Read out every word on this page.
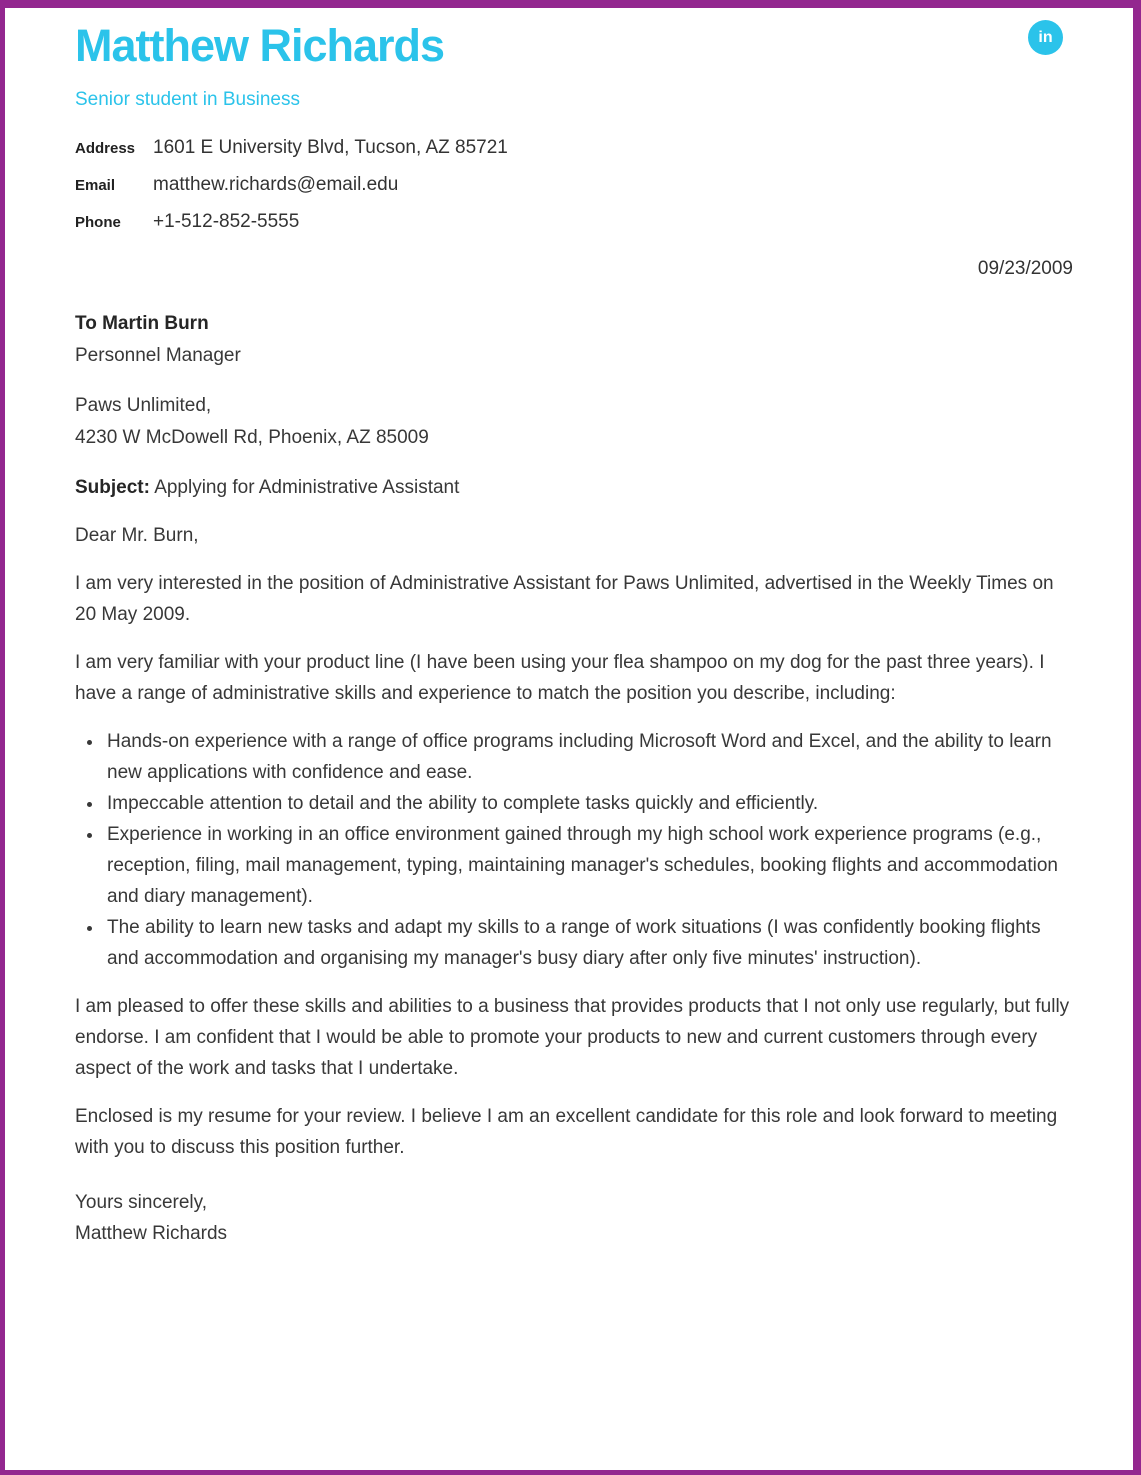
in
Matthew Richards
Senior student in Business
Address 1601 E University Blvd, Tucson, AZ 85721
Email	matthew.richards@email.edu
Phone	+1-512-852-5555
09/23/2009
To Martin Burn
Personnel Manager
Paws Unlimited,
4230 W McDowell Rd, Phoenix, AZ 85009
Subject: Applying for Administrative Assistant

Dear Mr. Burn,

I am very interested in the position of Administrative Assistant for Paws Unlimited, advertised in the Weekly Times on 20 May 2009.

I am very familiar with your product line (I have been using your flea shampoo on my dog for the past three years). I have a range of administrative skills and experience to match the position you describe, including:

• Hands-on experience with a range of office programs including Microsoft Word and Excel, and the ability to learn new applications with confidence and ease.
• Impeccable attention to detail and the ability to complete tasks quickly and efficiently.
• Experience in working in an office environment gained through my high school work experience programs (e.g., reception, filing, mail management, typing, maintaining manager's schedules, booking flights and accommodation and diary management).
• The ability to learn new tasks and adapt my skills to a range of work situations (I was confidently booking flights and accommodation and organising my manager's busy diary after only five minutes' instruction).

I am pleased to offer these skills and abilities to a business that provides products that I not only use regularly, but fully endorse. I am confident that I would be able to promote your products to new and current customers through every aspect of the work and tasks that I undertake.

Enclosed is my resume for your review. I believe I am an excellent candidate for this role and look forward to meeting with you to discuss this position further.

Yours sincerely,
Matthew Richards
